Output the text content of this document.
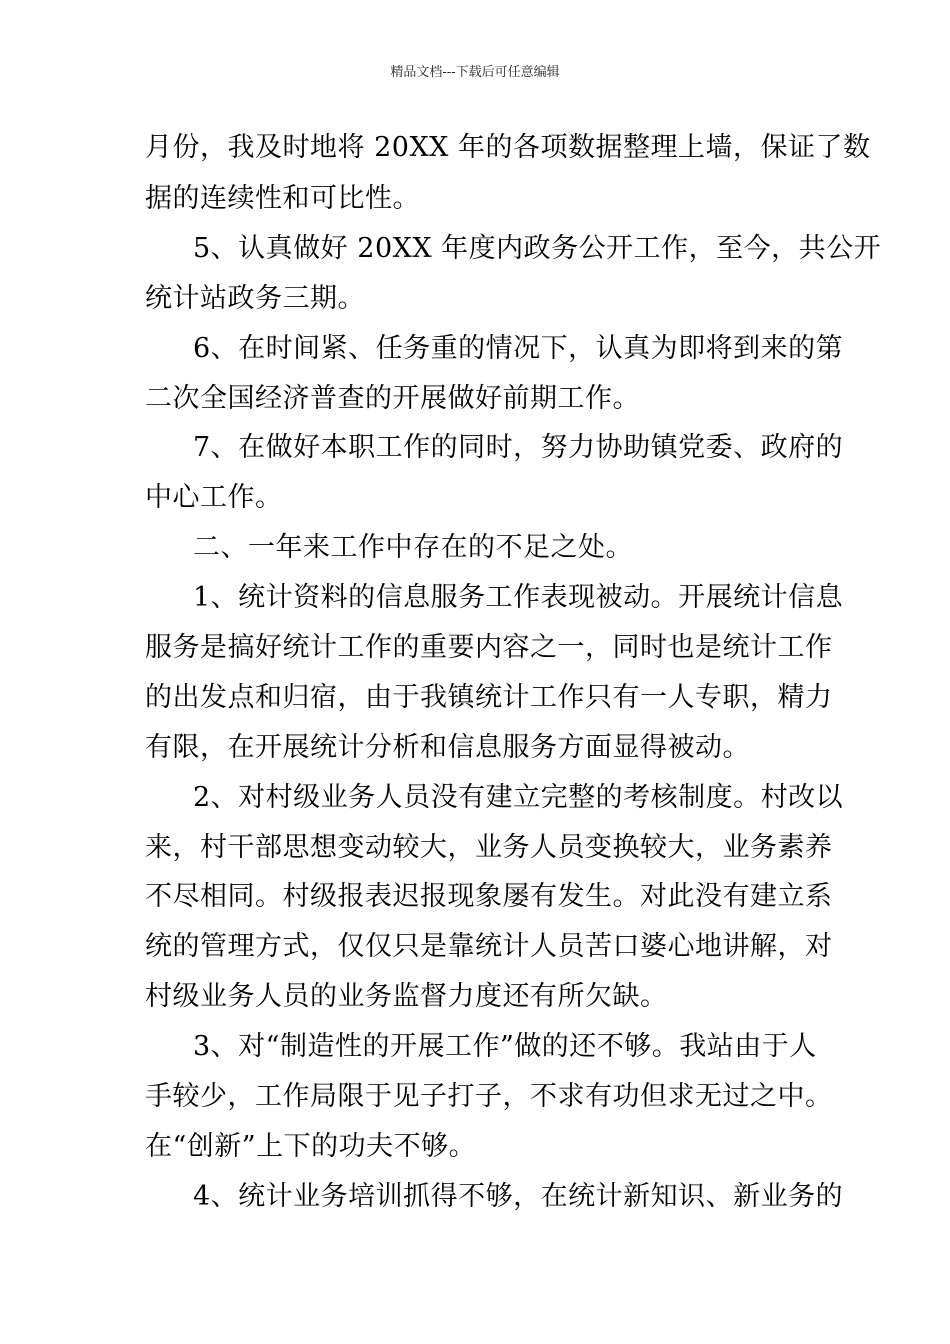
精品文档---下载后可任意编辑
月份，我及时地将 20XX 年的各项数据整理上墙，保证了数
据的连续性和可比性。
5、认真做好 20XX 年度内政务公开工作，至今，共公开
统计站政务三期。
6、在时间紧、任务重的情况下，认真为即将到来的第
二次全国经济普查的开展做好前期工作。
7、在做好本职工作的同时，努力协助镇党委、政府的
中心工作。
二、一年来工作中存在的不足之处。
1、统计资料的信息服务工作表现被动。开展统计信息
服务是搞好统计工作的重要内容之一，同时也是统计工作
的出发点和归宿，由于我镇统计工作只有一人专职，精力
有限，在开展统计分析和信息服务方面显得被动。
2、对村级业务人员没有建立完整的考核制度。村改以
来，村干部思想变动较大，业务人员变换较大，业务素养
不尽相同。村级报表迟报现象屡有发生。对此没有建立系
统的管理方式，仅仅只是靠统计人员苦口婆心地讲解，对
村级业务人员的业务监督力度还有所欠缺。
3、对“制造性的开展工作”做的还不够。我站由于人
手较少，工作局限于见子打子，不求有功但求无过之中。
在“创新”上下的功夫不够。
4、统计业务培训抓得不够，在统计新知识、新业务的
